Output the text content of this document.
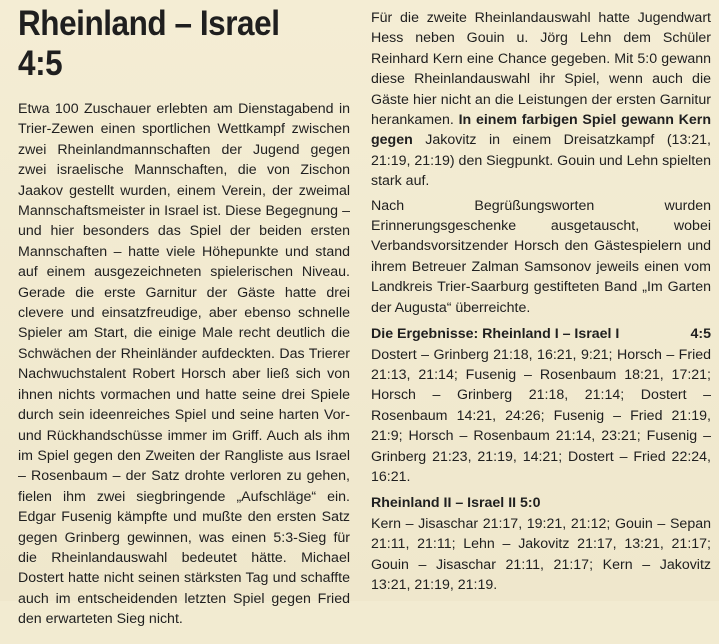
Rheinland – Israel
4:5

Etwa 100 Zuschauer erlebten am Dienstagabend in Trier-Zewen einen sportlichen Wettkampf zwischen zwei Rheinlandmannschaften der Jugend gegen zwei israelische Mannschaften, die von Zischon Jaakov gestellt wurden, einem Verein, der zweimal Mannschaftsmeister in Israel ist. Diese Begegnung – und hier besonders das Spiel der beiden ersten Mannschaften – hatte viele Höhepunkte und stand auf einem ausgezeichneten spielerischen Niveau. Gerade die erste Garnitur der Gäste hatte drei clevere und einsatzfreudige, aber ebenso schnelle Spieler am Start, die einige Male recht deutlich die Schwächen der Rheinländer aufdeckten. Das Trierer Nachwuchstalent Robert Horsch aber ließ sich von ihnen nichts vormachen und hatte seine drei Spiele durch sein ideenreiches Spiel und seine harten Vor- und Rückhandschüsse immer im Griff. Auch als ihm im Spiel gegen den Zweiten der Rangliste aus Israel – Rosenbaum – der Satz drohte verloren zu gehen, fielen ihm zwei siegbringende „Aufschläge“ ein. Edgar Fusenig kämpfte und mußte den ersten Satz gegen Grinberg gewinnen, was einen 5:3-Sieg für die Rheinlandauswahl bedeutet hätte. Michael Dostert hatte nicht seinen stärksten Tag und schaffte auch im entscheidenden letzten Spiel gegen Fried den erwarteten Sieg nicht.

Für die zweite Rheinlandauswahl hatte Jugendwart Hess neben Gouin u. Jörg Lehn dem Schüler Reinhard Kern eine Chance gegeben. Mit 5:0 gewann diese Rheinlandauswahl ihr Spiel, wenn auch die Gäste hier nicht an die Leistungen der ersten Garnitur herankamen. In einem farbigen Spiel gewann Kern gegen Jakovitz in einem Dreisatzkampf (13:21, 21:19, 21:19) den Siegpunkt. Gouin und Lehn spielten stark auf.

Nach Begrüßungsworten wurden Erinnerungsgeschenke ausgetauscht, wobei Verbandsvorsitzender Horsch den Gästespielern und ihrem Betreuer Zalman Samsonov jeweils einen vom Landkreis Trier-Saarburg gestifteten Band „Im Garten der Augusta“ überreichte.

Die Ergebnisse: Rheinland I – Israel I	4:5

Dostert – Grinberg 21:18, 16:21, 9:21; Horsch – Fried 21:13, 21:14; Fusenig – Rosenbaum 18:21, 17:21; Horsch – Grinberg 21:18, 21:14; Dostert – Rosenbaum 14:21, 24:26; Fusenig – Fried 21:19, 21:9; Horsch – Rosenbaum 21:14, 23:21; Fusenig – Grinberg 21:23, 21:19, 14:21; Dostert – Fried 22:24, 16:21.

Rheinland II – Israel II 5:0

Kern – Jisaschar 21:17, 19:21, 21:12; Gouin – Sepan 21:11, 21:11; Lehn – Jakovitz 21:17, 13:21, 21:17; Gouin – Jisaschar 21:11, 21:17; Kern – Jakovitz 13:21, 21:19, 21:19.
